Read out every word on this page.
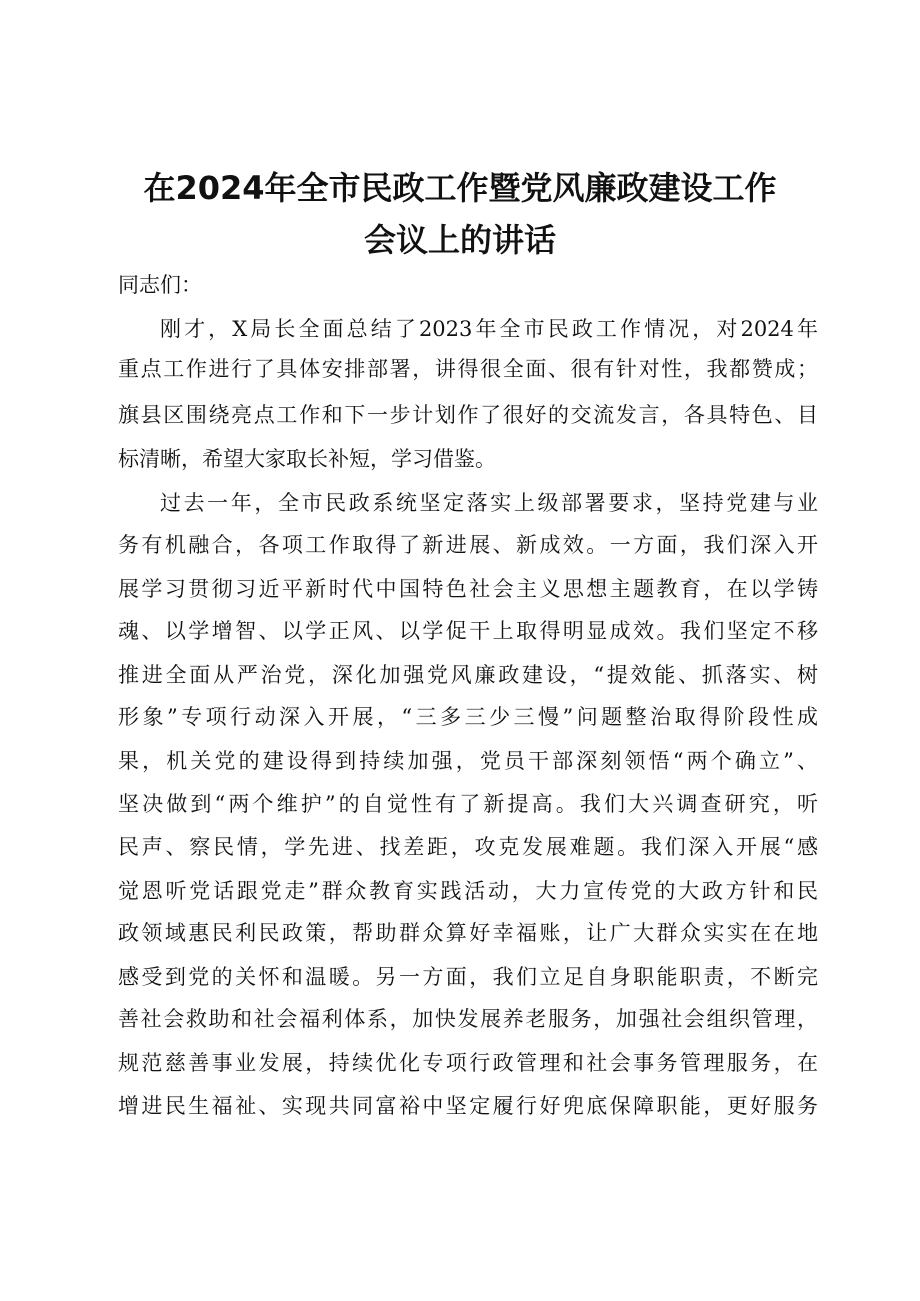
在2024年全市民政工作暨党风廉政建设工作
会议上的讲话

同志们：

刚才，X局长全面总结了2023年全市民政工作情况，对2024年
重点工作进行了具体安排部署，讲得很全面、很有针对性，我都赞成；
旗县区围绕亮点工作和下一步计划作了很好的交流发言，各具特色、目
标清晰，希望大家取长补短，学习借鉴。
过去一年，全市民政系统坚定落实上级部署要求，坚持党建与业
务有机融合，各项工作取得了新进展、新成效。一方面，我们深入开
展学习贯彻习近平新时代中国特色社会主义思想主题教育，在以学铸
魂、以学增智、以学正风、以学促干上取得明显成效。我们坚定不移
推进全面从严治党，深化加强党风廉政建设，“提效能、抓落实、树
形象”专项行动深入开展，“三多三少三慢”问题整治取得阶段性成
果，机关党的建设得到持续加强，党员干部深刻领悟“两个确立”、
坚决做到“两个维护”的自觉性有了新提高。我们大兴调查研究，听
民声、察民情，学先进、找差距，攻克发展难题。我们深入开展“感
觉恩听党话跟党走”群众教育实践活动，大力宣传党的大政方针和民
政领域惠民利民政策，帮助群众算好幸福账，让广大群众实实在在地
感受到党的关怀和温暖。另一方面，我们立足自身职能职责，不断完
善社会救助和社会福利体系，加快发展养老服务，加强社会组织管理，
规范慈善事业发展，持续优化专项行政管理和社会事务管理服务，在
增进民生福祉、实现共同富裕中坚定履行好兜底保障职能，更好服务
